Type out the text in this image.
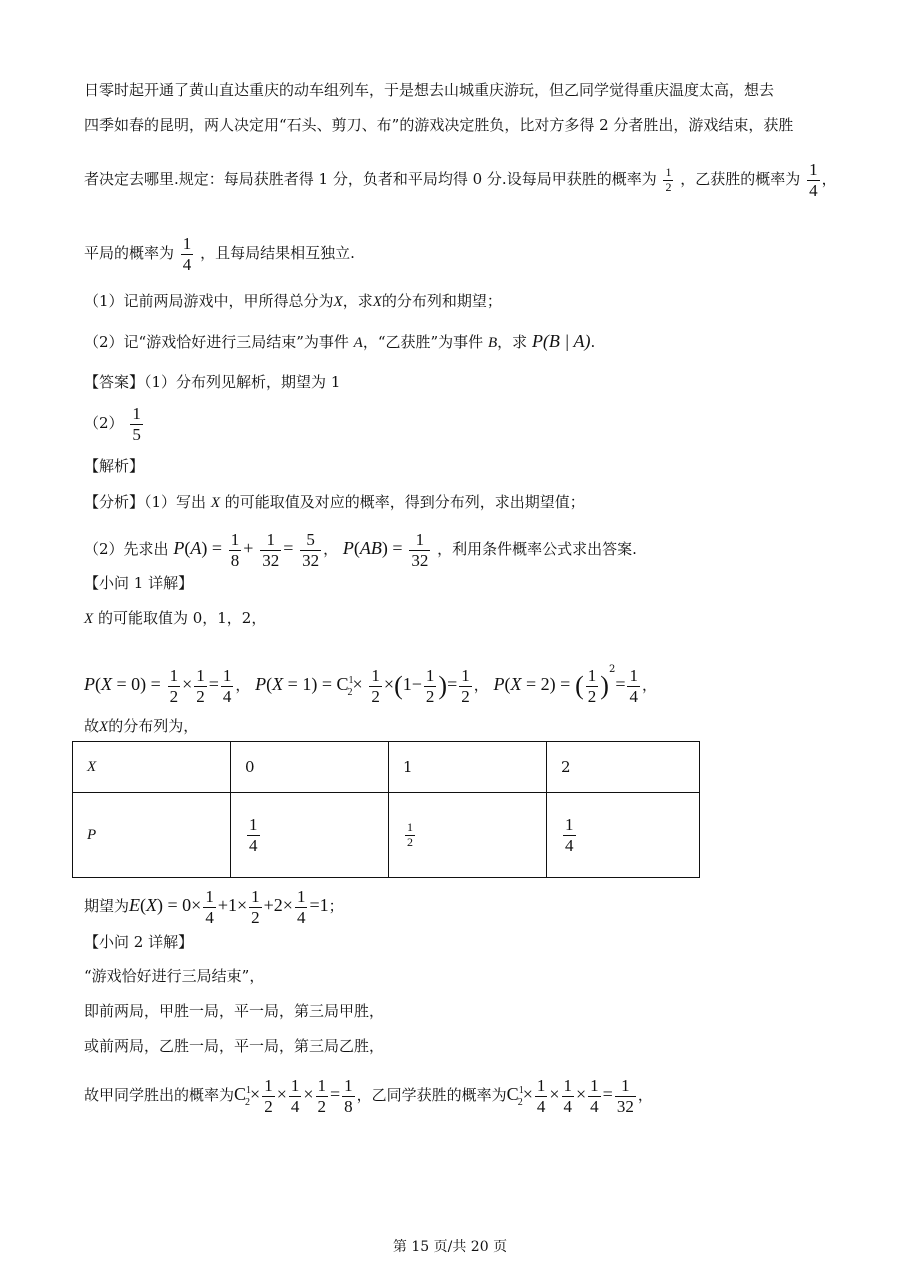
日零时起开通了黄山直达重庆的动车组列车，于是想去山城重庆游玩，但乙同学觉得重庆温度太高，想去
四季如春的昆明，两人决定用“石头、剪刀、布”的游戏决定胜负，比对方多得 2 分者胜出，游戏结束，获胜
者决定去哪里.规定：每局获胜者得 1 分，负者和平局均得 0 分.设每局甲获胜的概率为 $\frac{1}{2}$ ，乙获胜的概率为 $\frac{1}{4}$ ，
平局的概率为 $\frac{1}{4}$ ，且每局结果相互独立.
（1）记前两局游戏中，甲所得总分为X，求X的分布列和期望；
（2）记“游戏恰好进行三局结束”为事件 A，“乙获胜”为事件 B，求 P(B | A).
【答案】（1）分布列见解析，期望为 1
$(2) \frac{1}{5}$
【解析】
【分析】（1）写出 X 的可能取值及对应的概率，得到分布列，求出期望值；
（2）先求出 $P(A) = \frac{1}{8} + \frac{1}{32} = \frac{5}{32}$ ， $P(AB) = \frac{1}{32}$ ，利用条件概率公式求出答案.
【小问 1 详解】
X 的可能取值为 0，1，2，
$P(X = 0) = \frac{1}{2} \times \frac{1}{2} = \frac{1}{4}$ ， $P(X = 1) = C^1_2\times \frac{1}{2} \times(1- \frac{1}{2}$ )= $\frac{1}{2}$ ， P(X = 2) = ( $\frac{1}{2} )^2= \frac{1}{4}$ ，
故X的分布列为，
X	0	1	2
P	$\frac{1}{4}$	$\frac{1}{2}$	$\frac{1}{4}$
期望为$E(X) = 0\times \frac{1}{4} +1\times \frac{1}{2} +2\times \frac{1}{4} =1$；
【小问 2 详解】
“游戏恰好进行三局结束”，
即前两局，甲胜一局，平一局，第三局甲胜，
或前两局，乙胜一局，平一局，第三局乙胜，
故甲同学胜出的概率为$C^1_2\times \frac{1}{2} \times \frac{1}{4} \times \frac{1}{2} = \frac{1}{8}$ ，乙同学获胜的概率为$C^1_2\times \frac{1}{4} \times \frac{1}{4} \times \frac{1}{4} = \frac{1}{32}$ ，
第 15 页/共 20 页
